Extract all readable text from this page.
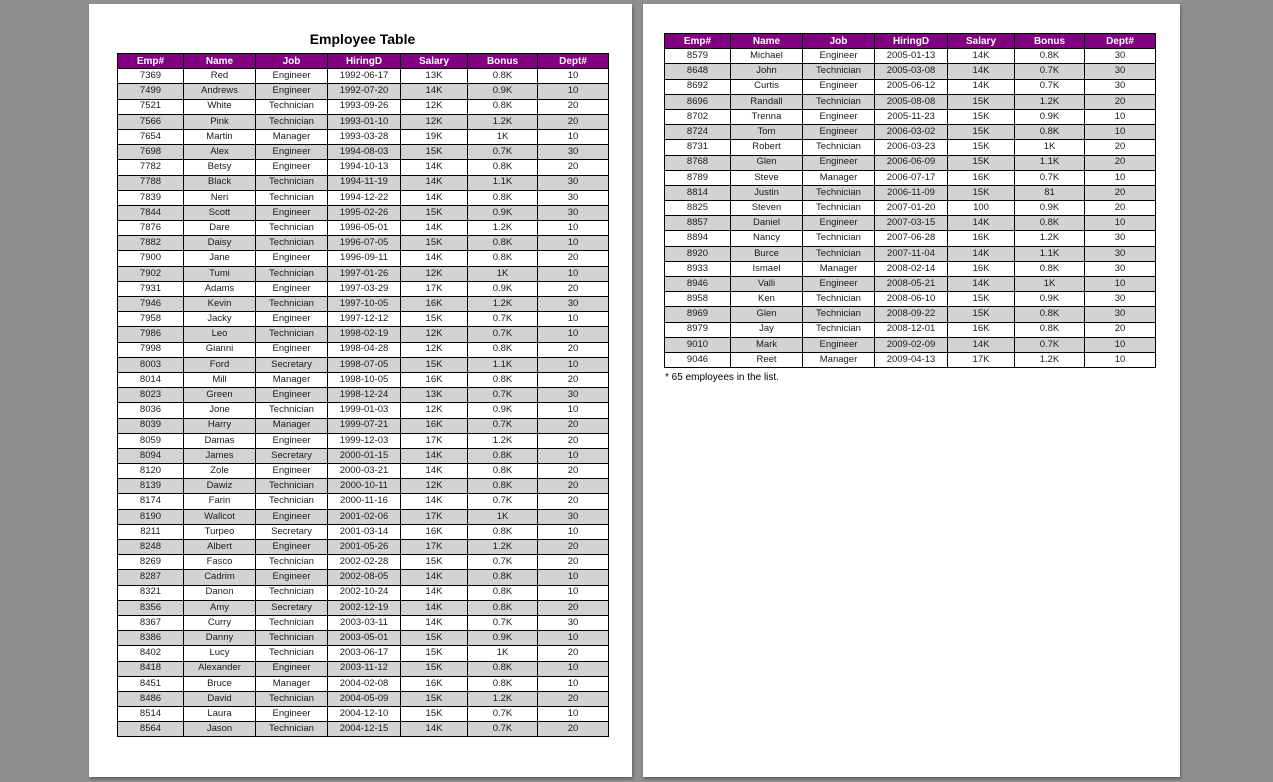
Employee Table
Emp#	Name	Job	HiringD	Salary	Bonus	Dept#
7369	Red	Engineer	1992-06-17	13K	0.8K	10
7499	Andrews	Engineer	1992-07-20	14K	0.9K	10
7521	White	Technician	1993-09-26	12K	0.8K	20
7566	Pink	Technician	1993-01-10	12K	1.2K	20
7654	Martin	Manager	1993-03-28	19K	1K	10
7698	Alex	Engineer	1994-08-03	15K	0.7K	30
7782	Betsy	Engineer	1994-10-13	14K	0.8K	20
7788	Black	Technician	1994-11-19	14K	1.1K	30
7839	Neri	Technician	1994-12-22	14K	0.8K	30
7844	Scott	Engineer	1995-02-26	15K	0.9K	30
7876	Dare	Technician	1996-05-01	14K	1.2K	10
7882	Daisy	Technician	1996-07-05	15K	0.8K	10
7900	Jane	Engineer	1996-09-11	14K	0.8K	20
7902	Tumi	Technician	1997-01-26	12K	1K	10
7931	Adams	Engineer	1997-03-29	17K	0.9K	20
7946	Kevin	Technician	1997-10-05	16K	1.2K	30
7958	Jacky	Engineer	1997-12-12	15K	0.7K	10
7986	Leo	Technician	1998-02-19	12K	0.7K	10
7998	Gianni	Engineer	1998-04-28	12K	0.8K	20
8003	Ford	Secretary	1998-07-05	15K	1.1K	10
8014	Mill	Manager	1998-10-05	16K	0.8K	20
8023	Green	Engineer	1998-12-24	13K	0.7K	30
8036	Jone	Technician	1999-01-03	12K	0.9K	10
8039	Harry	Manager	1999-07-21	16K	0.7K	20
8059	Damas	Engineer	1999-12-03	17K	1.2K	20
8094	James	Secretary	2000-01-15	14K	0.8K	10
8120	Zole	Engineer	2000-03-21	14K	0.8K	20
8139	Dawiz	Technician	2000-10-11	12K	0.8K	20
8174	Farin	Technician	2000-11-16	14K	0.7K	20
8190	Wallcot	Engineer	2001-02-06	17K	1K	30
8211	Turpeo	Secretary	2001-03-14	16K	0.8K	10
8248	Albert	Engineer	2001-05-26	17K	1.2K	20
8269	Fasco	Technician	2002-02-28	15K	0.7K	20
8287	Cadrim	Engineer	2002-08-05	14K	0.8K	10
8321	Danon	Technician	2002-10-24	14K	0.8K	10
8356	Amy	Secretary	2002-12-19	14K	0.8K	20
8367	Curry	Technician	2003-03-11	14K	0.7K	30
8386	Danny	Technician	2003-05-01	15K	0.9K	10
8402	Lucy	Technician	2003-06-17	15K	1K	20
8418	Alexander	Engineer	2003-11-12	15K	0.8K	10
8451	Bruce	Manager	2004-02-08	16K	0.8K	10
8486	David	Technician	2004-05-09	15K	1.2K	20
8514	Laura	Engineer	2004-12-10	15K	0.7K	10
8564	Jason	Technician	2004-12-15	14K	0.7K	20
Emp#	Name	Job	HiringD	Salary	Bonus	Dept#
8579	Michael	Engineer	2005-01-13	14K	0.8K	30
8648	John	Technician	2005-03-08	14K	0.7K	30
8692	Curtis	Engineer	2005-06-12	14K	0.7K	30
8696	Randall	Technician	2005-08-08	15K	1.2K	20
8702	Trenna	Engineer	2005-11-23	15K	0.9K	10
8724	Tom	Engineer	2006-03-02	15K	0.8K	10
8731	Robert	Technician	2006-03-23	15K	1K	20
8768	Glen	Engineer	2006-06-09	15K	1.1K	20
8789	Steve	Manager	2006-07-17	16K	0.7K	10
8814	Justin	Technician	2006-11-09	15K	81	20
8825	Steven	Technician	2007-01-20	100	0.9K	20
8857	Daniel	Engineer	2007-03-15	14K	0.8K	10
8894	Nancy	Technician	2007-06-28	16K	1.2K	30
8920	Burce	Technician	2007-11-04	14K	1.1K	30
8933	Ismael	Manager	2008-02-14	16K	0.8K	30
8946	Valli	Engineer	2008-05-21	14K	1K	10
8958	Ken	Technician	2008-06-10	15K	0.9K	30
8969	Glen	Technician	2008-09-22	15K	0.8K	30
8979	Jay	Technician	2008-12-01	16K	0.8K	20
9010	Mark	Engineer	2009-02-09	14K	0.7K	10
9046	Reet	Manager	2009-04-13	17K	1.2K	10
* 65 employees in the list.
